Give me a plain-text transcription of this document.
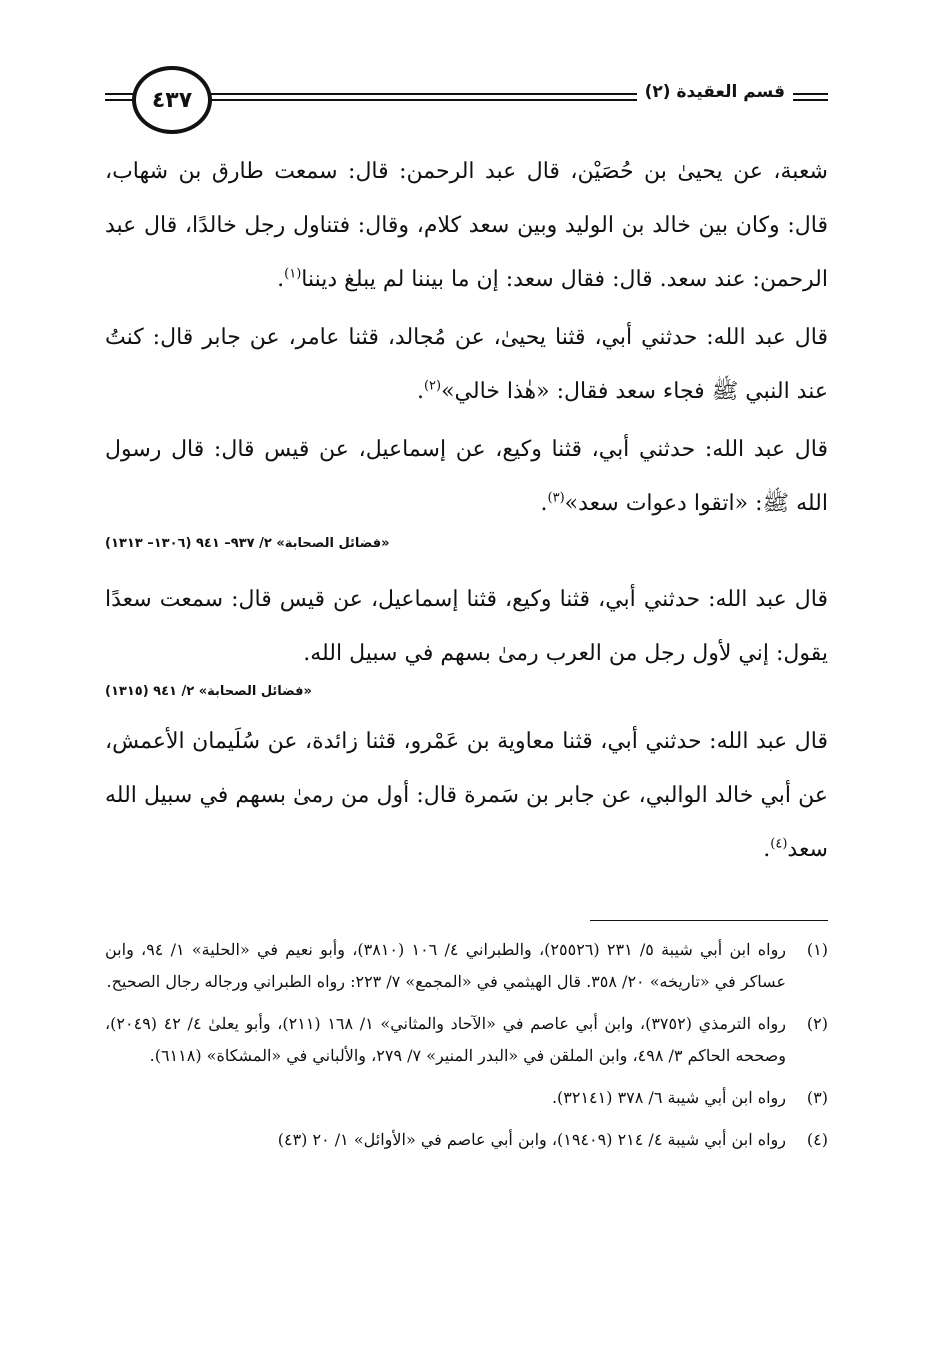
قسم العقيدة (٢)
٤٣٧

شعبة، عن يحيىٰ بن حُصَيْن، قال عبد الرحمن: قال: سمعت طارق بن شهاب، قال: وكان بين خالد بن الوليد وبين سعد كلام، وقال: فتناول رجل خالدًا، قال عبد الرحمن: عند سعد. قال: فقال سعد: إن ما بيننا لم يبلغ ديننا$^{(١)}$.

قال عبد الله: حدثني أبي، قثنا يحيىٰ، عن مُجالد، قثنا عامر، عن جابر قال: كنتُ عند النبي ﷺ فجاء سعد فقال: «هٰذا خالي»$^{(٢)}$.

قال عبد الله: حدثني أبي، قثنا وكيع، عن إسماعيل، عن قيس قال: قال رسول الله ﷺ: «اتقوا دعوات سعد»$^{(٣)}$.

«فضائل الصحابة» ٢/ ٩٣٧– ٩٤١ (١٣٠٦– ١٣١٣)

قال عبد الله: حدثني أبي، قثنا وكيع، قثنا إسماعيل، عن قيس قال: سمعت سعدًا يقول: إني لأول رجل من العرب رمىٰ بسهم في سبيل الله.

«فضائل الصحابة» ٢/ ٩٤١ (١٣١٥)

قال عبد الله: حدثني أبي، قثنا معاوية بن عَمْرو، قثنا زائدة، عن سُلَيمان الأعمش، عن أبي خالد الوالبي، عن جابر بن سَمرة قال: أول من رمىٰ بسهم في سبيل الله سعد$^{(٤)}$.

(١)
رواه ابن أبي شيبة ٥/ ٢٣١ (٢٥٥٢٦)، والطبراني ٤/ ١٠٦ (٣٨١٠)، وأبو نعيم في «الحلية» ١/ ٩٤، وابن عساكر في «تاريخه» ٢٠/ ٣٥٨. قال الهيثمي في «المجمع» ٧/ ٢٢٣: رواه الطبراني ورجاله رجال الصحيح.
(٢)
رواه الترمذي (٣٧٥٢)، وابن أبي عاصم في «الآحاد والمثاني» ١/ ١٦٨ (٢١١)، وأبو يعلىٰ ٤/ ٤٢ (٢٠٤٩)، وصححه الحاكم ٣/ ٤٩٨، وابن الملقن في «البدر المنير» ٧/ ٢٧٩، والألباني في «المشكاة» (٦١١٨).
(٣)
رواه ابن أبي شيبة ٦/ ٣٧٨ (٣٢١٤١).
(٤)
رواه ابن أبي شيبة ٤/ ٢١٤ (١٩٤٠٩)، وابن أبي عاصم في «الأوائل» ١/ ٢٠ (٤٣)
